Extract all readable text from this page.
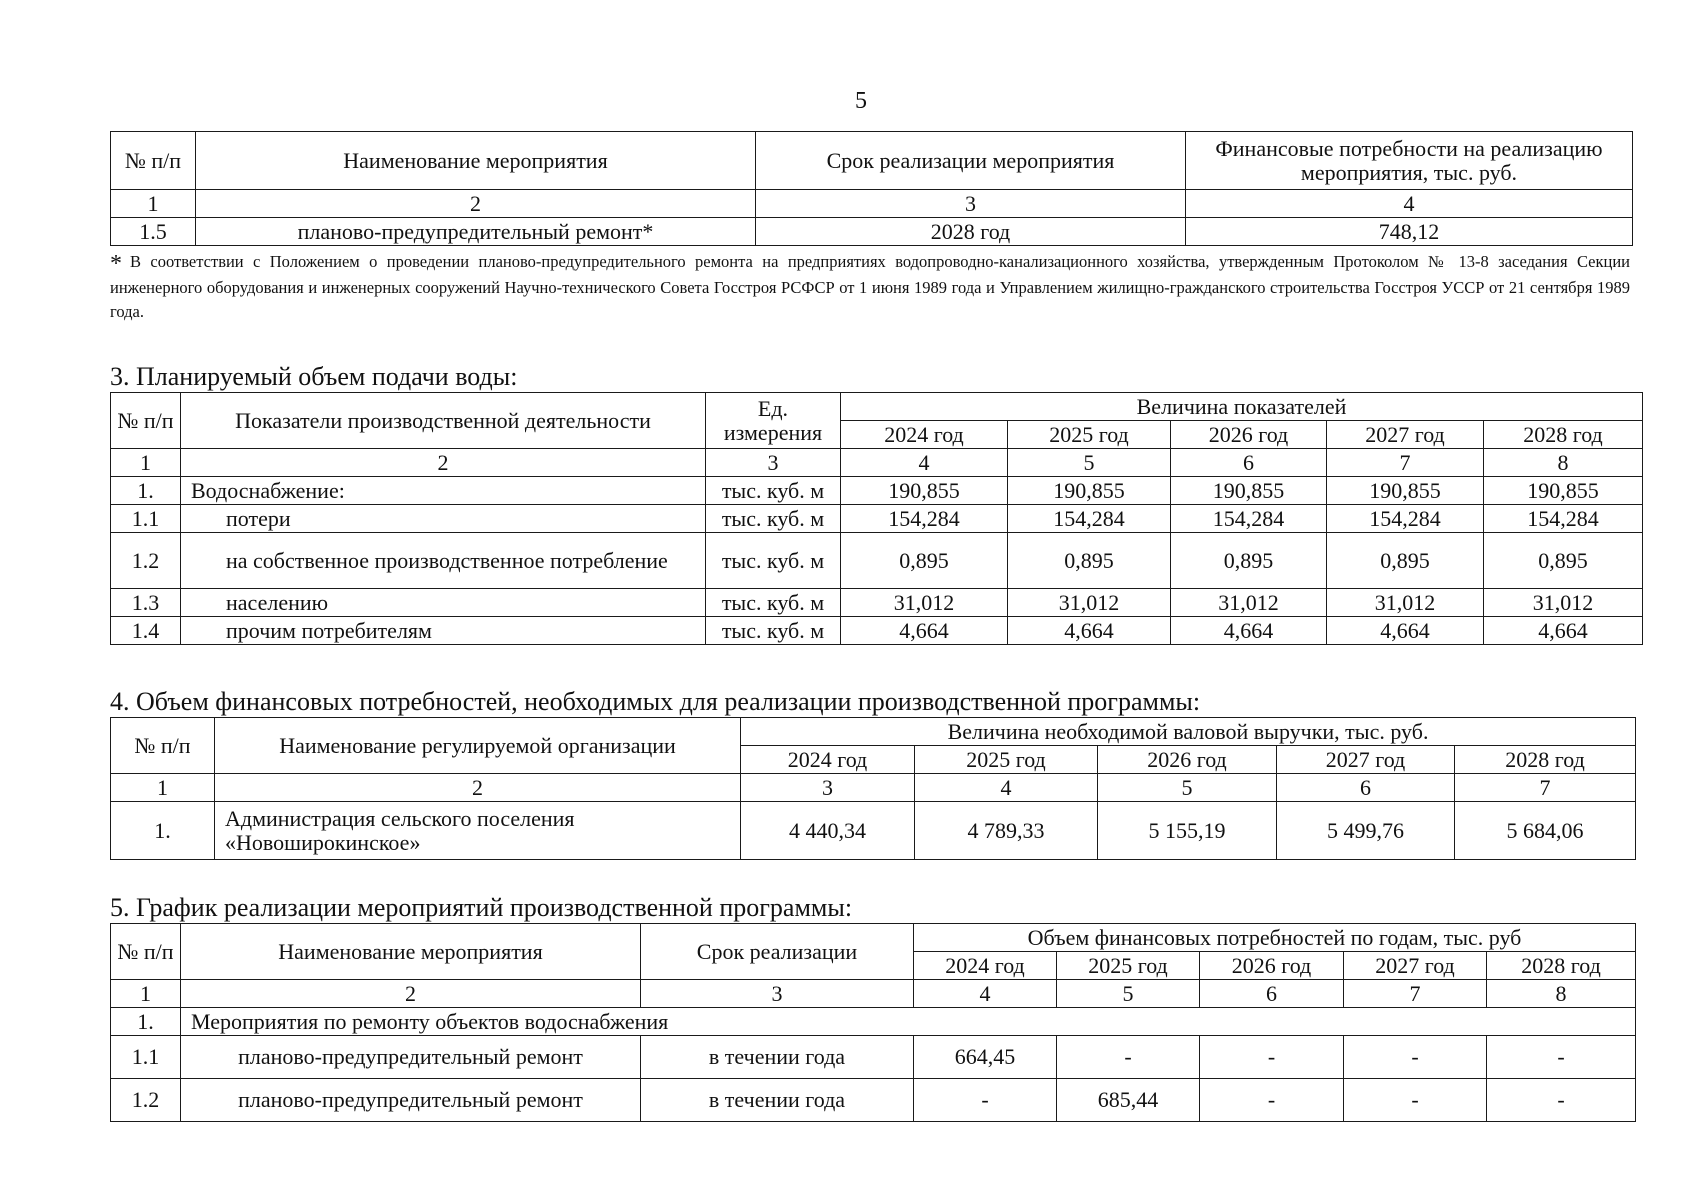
5
№ п/п	Наименование мероприятия	Срок реализации мероприятия	Финансовые потребности на реализацию мероприятия, тыс. руб.
1	2	3	4
1.5	планово-предупредительный ремонт*	2028 год	748,12
* В соответствии с Положением о проведении планово-предупредительного ремонта на предприятиях водопроводно-канализационного хозяйства, утвержденным Протоколом № 13-8 заседания Секции инженерного оборудования и инженерных сооружений Научно-технического Совета Госстроя РСФСР от 1 июня 1989 года и Управлением жилищно-гражданского строительства Госстроя УССР от 21 сентября 1989 года.
3. Планируемый объем подачи воды:
№ п/п	Показатели производственной деятельности	Ед. измерения	Величина показателей				
			2024 год	2025 год	2026 год	2027 год	2028 год
1	2	3	4	5	6	7	8
1.	Водоснабжение:	тыс. куб. м	190,855	190,855	190,855	190,855	190,855
1.1	потери	тыс. куб. м	154,284	154,284	154,284	154,284	154,284
1.2	на собственное производственное потребление	тыс. куб. м	0,895	0,895	0,895	0,895	0,895
1.3	населению	тыс. куб. м	31,012	31,012	31,012	31,012	31,012
1.4	прочим потребителям	тыс. куб. м	4,664	4,664	4,664	4,664	4,664
4. Объем финансовых потребностей, необходимых для реализации производственной программы:
№ п/п	Наименование регулируемой организации	Величина необходимой валовой выручки, тыс. руб.				
		2024 год	2025 год	2026 год	2027 год	2028 год
1	2	3	4	5	6	7
1.	Администрация сельского поселения «Новоширокинское»	4 440,34	4 789,33	5 155,19	5 499,76	5 684,06
5. График реализации мероприятий производственной программы:
№ п/п	Наименование мероприятия	Срок реализации	Объем финансовых потребностей по годам, тыс. руб				
			2024 год	2025 год	2026 год	2027 год	2028 год
1	2	3	4	5	6	7	8
1.	Мероприятия по ремонту объектов водоснабжения						
1.1	планово-предупредительный ремонт	в течении года	664,45	-	-	-	-
1.2	планово-предупредительный ремонт	в течении года	-	685,44	-	-	-
